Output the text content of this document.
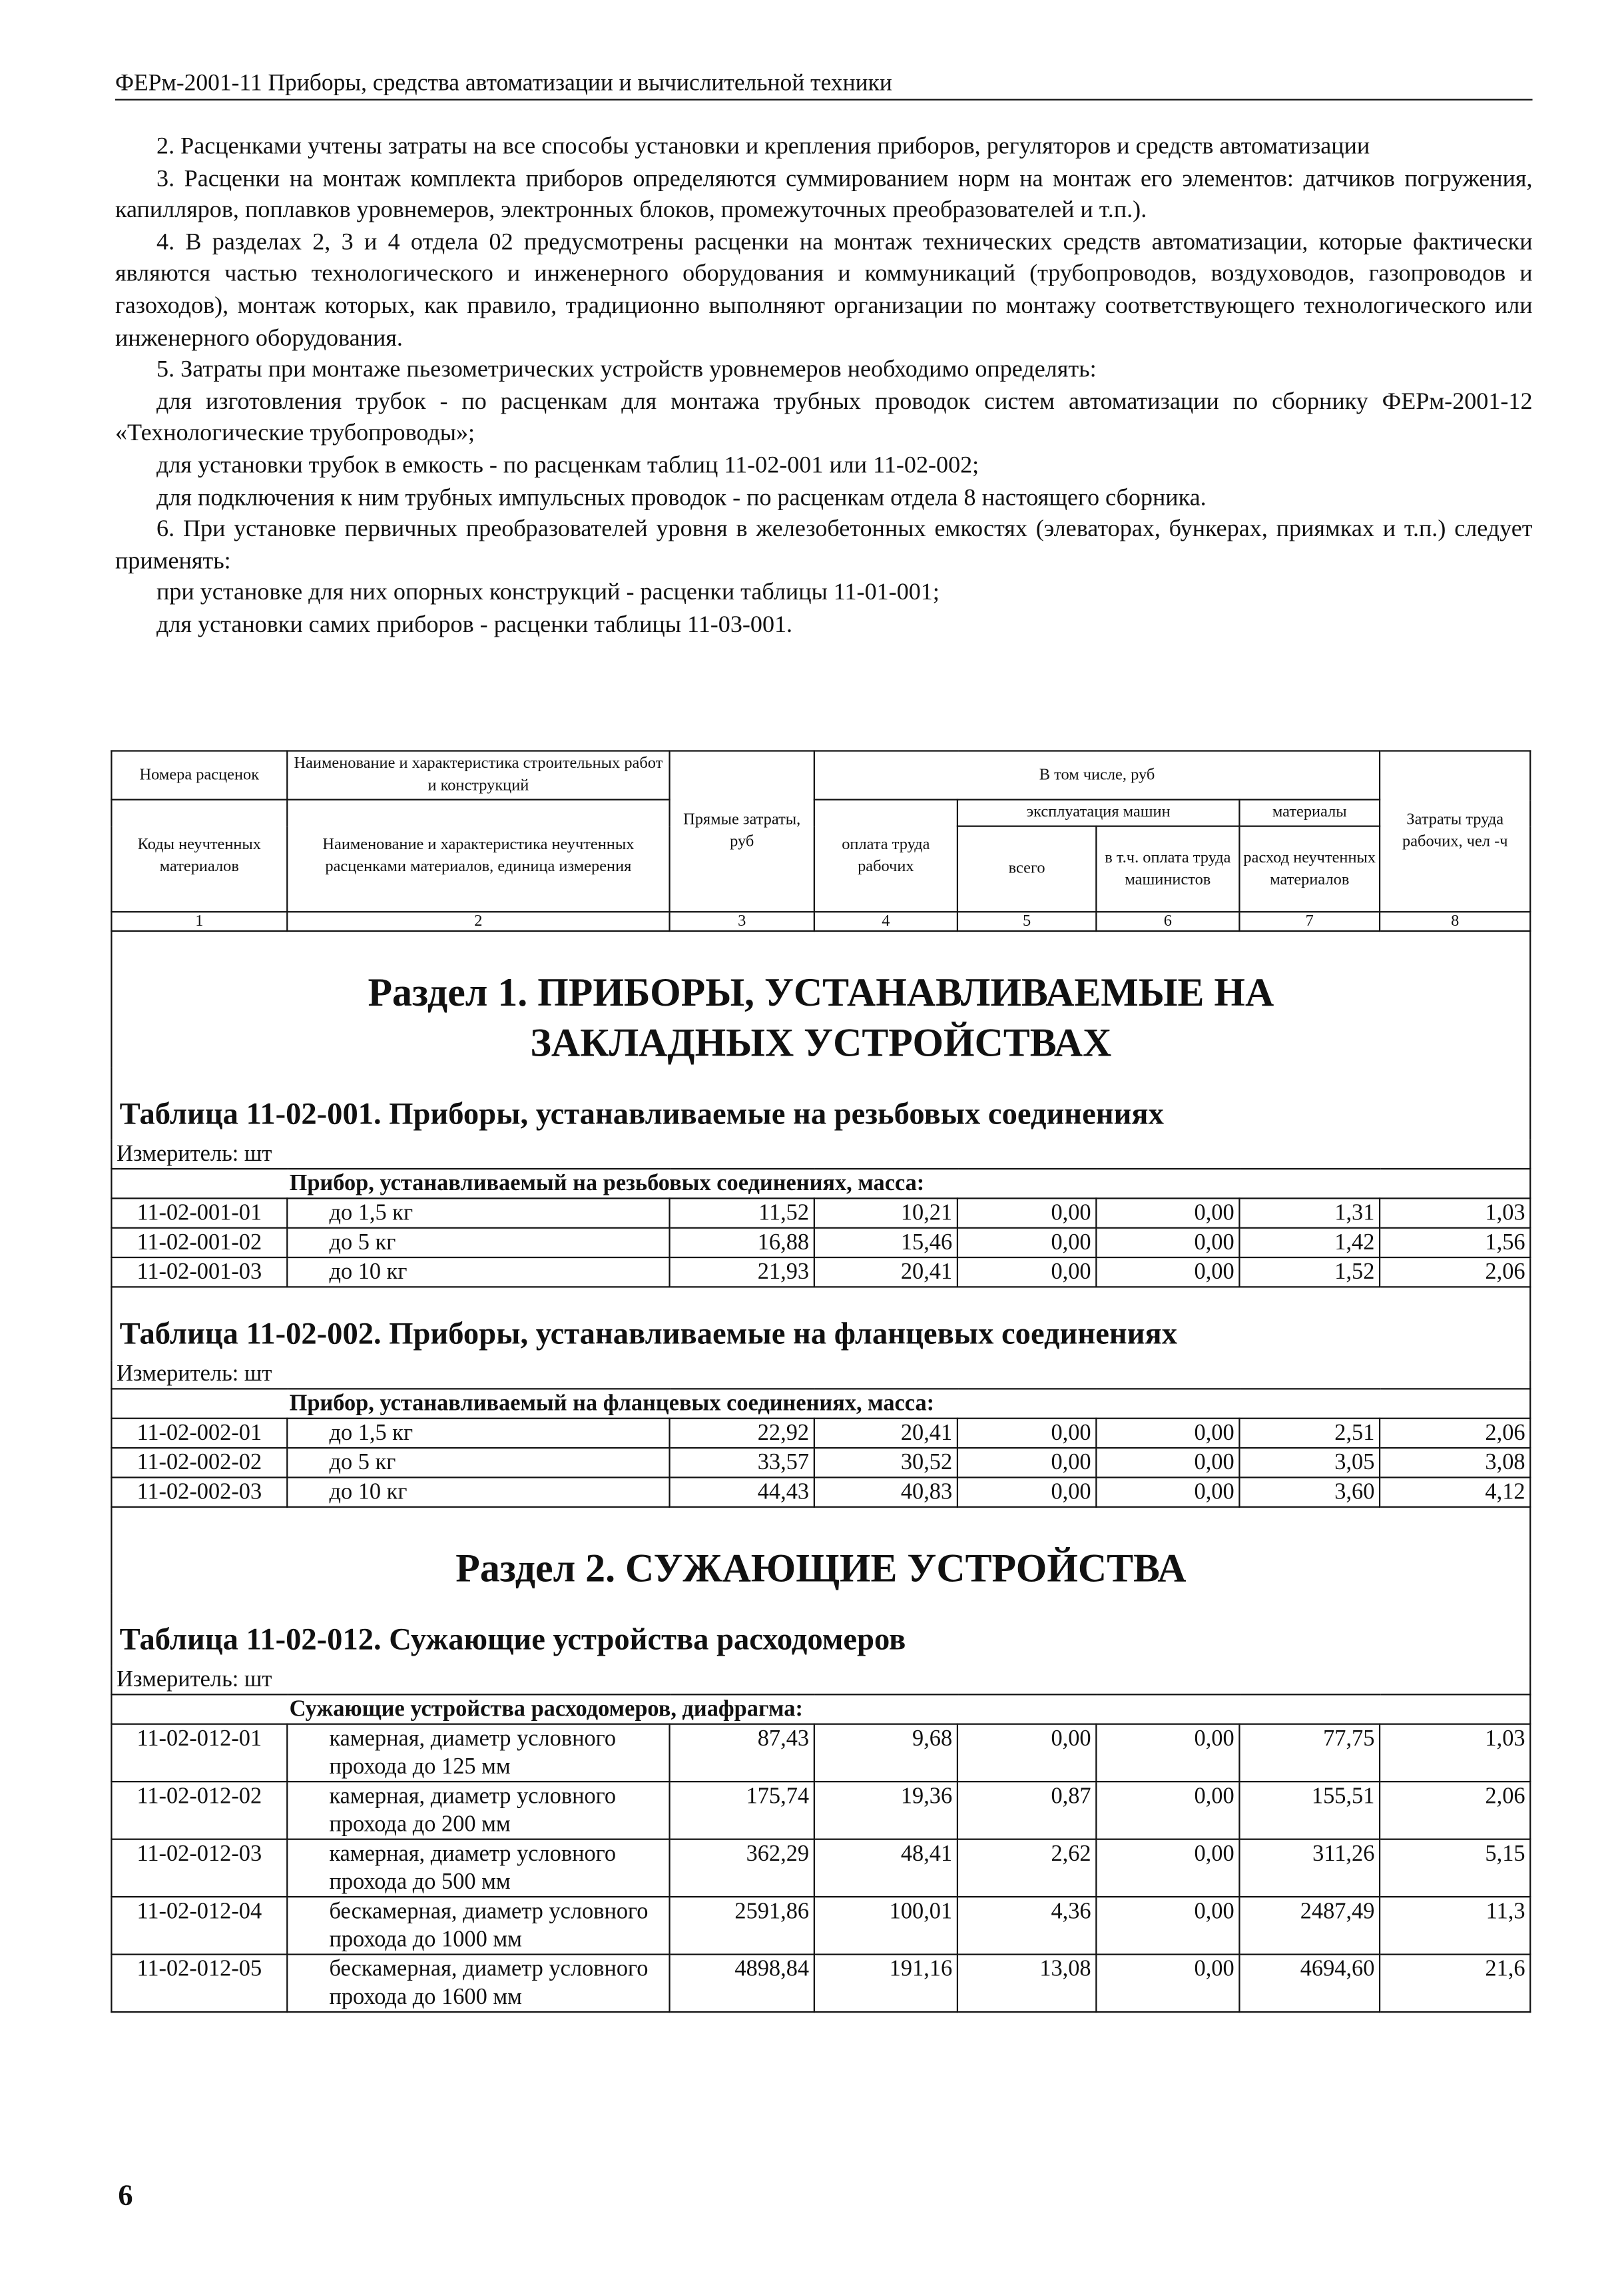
ФЕРм-2001-11 Приборы, средства автоматизации и вычислительной техники

2. Расценками учтены затраты на все способы установки и крепления приборов, регуляторов и средств автоматизации

3. Расценки на монтаж комплекта приборов определяются суммированием норм на монтаж его элементов: датчиков погружения, капилляров, поплавков уровнемеров, электронных блоков, промежуточных преобразователей и т.п.).

4. В разделах 2, 3 и 4 отдела 02 предусмотрены расценки на монтаж технических средств автоматизации, которые фактически являются частью технологического и инженерного оборудования и коммуникаций (трубопроводов, воздуховодов, газопроводов и газоходов), монтаж которых, как правило, традиционно выполняют организации по монтажу соответствующего технологического или инженерного оборудования.

5. Затраты при монтаже пьезометрических устройств уровнемеров необходимо определять:

для изготовления трубок - по расценкам для монтажа трубных проводок систем автоматизации по сборнику ФЕРм-2001-12 «Технологические трубопроводы»;

для установки трубок в емкость - по расценкам таблиц 11-02-001 или 11-02-002;

для подключения к ним трубных импульсных проводок - по расценкам отдела 8 настоящего сборника.

6. При установке первичных преобразователей уровня в железобетонных емкостях (элеваторах, бункерах, приямках и т.п.) следует применять:

при установке для них опорных конструкций - расценки таблицы 11-01-001;

для установки самих приборов - расценки таблицы 11-03-001.

Номера расценок	Наименование и характеристика строительных работ и конструкций	Прямые затраты, руб	В том числе, руб				Затраты труда рабочих, чел -ч
Коды неучтенных материалов	Наименование и характеристика неучтенных расценками материалов, единица измерения		оплата труда рабочих	эксплуатация машин		материалы	
				всего	в т.ч. оплата труда машинистов	расход неучтенных материалов	
1	2	3	4	5	6	7	8

Раздел 1. ПРИБОРЫ, УСТАНАВЛИВАЕМЫЕ НА ЗАКЛАДНЫХ УСТРОЙСТВАХ							

Таблица 11-02-001. Приборы, устанавливаемые на резьбовых соединениях							

Измеритель: шт							
Прибор, устанавливаемый на резьбовых соединениях, масса:							
11-02-001-01	до 1,5 кг	11,52	10,21	0,00	0,00	1,31	1,03
11-02-001-02	до 5 кг	16,88	15,46	0,00	0,00	1,42	1,56
11-02-001-03	до 10 кг	21,93	20,41	0,00	0,00	1,52	2,06

Таблица 11-02-002. Приборы, устанавливаемые на фланцевых соединениях							

Измеритель: шт							
Прибор, устанавливаемый на фланцевых соединениях, масса:							
11-02-002-01	до 1,5 кг	22,92	20,41	0,00	0,00	2,51	2,06
11-02-002-02	до 5 кг	33,57	30,52	0,00	0,00	3,05	3,08
11-02-002-03	до 10 кг	44,43	40,83	0,00	0,00	3,60	4,12

Раздел 2. СУЖАЮЩИЕ УСТРОЙСТВА							

Таблица 11-02-012. Сужающие устройства расходомеров							

Измеритель: шт							
Сужающие устройства расходомеров, диафрагма:							
11-02-012-01	камерная, диаметр условного прохода до 125 мм	87,43	9,68	0,00	0,00	77,75	1,03
11-02-012-02	камерная, диаметр условного прохода до 200 мм	175,74	19,36	0,87	0,00	155,51	2,06
11-02-012-03	камерная, диаметр условного прохода до 500 мм	362,29	48,41	2,62	0,00	311,26	5,15
11-02-012-04	бескамерная, диаметр условного прохода до 1000 мм	2591,86	100,01	4,36	0,00	2487,49	11,3
11-02-012-05	бескамерная, диаметр условного прохода до 1600 мм	4898,84	191,16	13,08	0,00	4694,60	21,6
6
